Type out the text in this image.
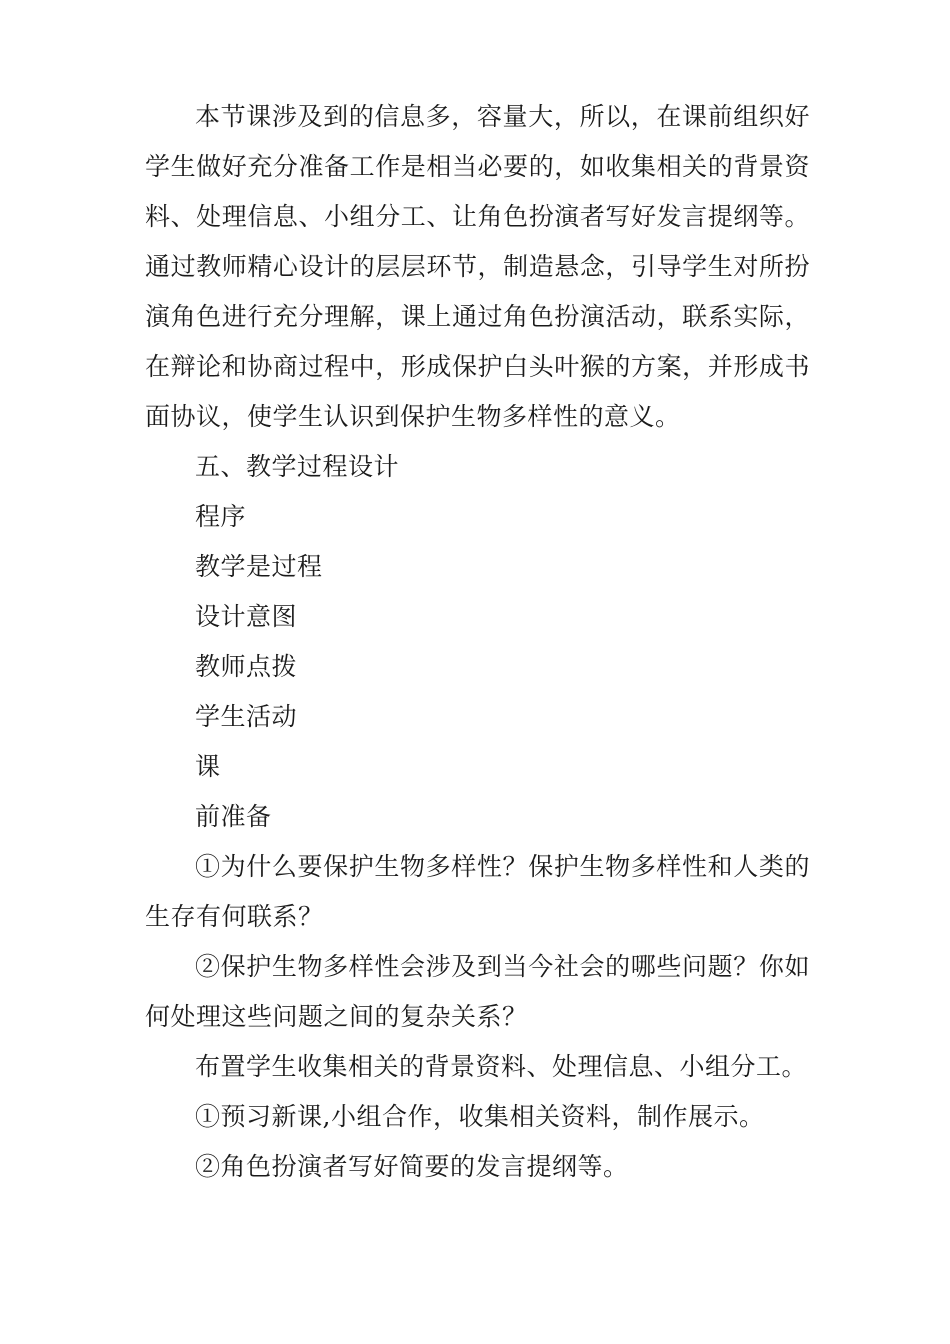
本节课涉及到的信息多，容量大，所以，在课前组织好学生做好充分准备工作是相当必要的，如收集相关的背景资料、处理信息、小组分工、让角色扮演者写好发言提纲等。通过教师精心设计的层层环节，制造悬念，引导学生对所扮演角色进行充分理解，课上通过角色扮演活动，联系实际，在辩论和协商过程中，形成保护白头叶猴的方案，并形成书面协议，使学生认识到保护生物多样性的意义。

五、教学过程设计

程序

教学是过程

设计意图

教师点拨

学生活动

课

前准备

①为什么要保护生物多样性？保护生物多样性和人类的生存有何联系？

②保护生物多样性会涉及到当今社会的哪些问题？你如何处理这些问题之间的复杂关系？

布置学生收集相关的背景资料、处理信息、小组分工。

①预习新课,小组合作，收集相关资料，制作展示。

②角色扮演者写好简要的发言提纲等。
